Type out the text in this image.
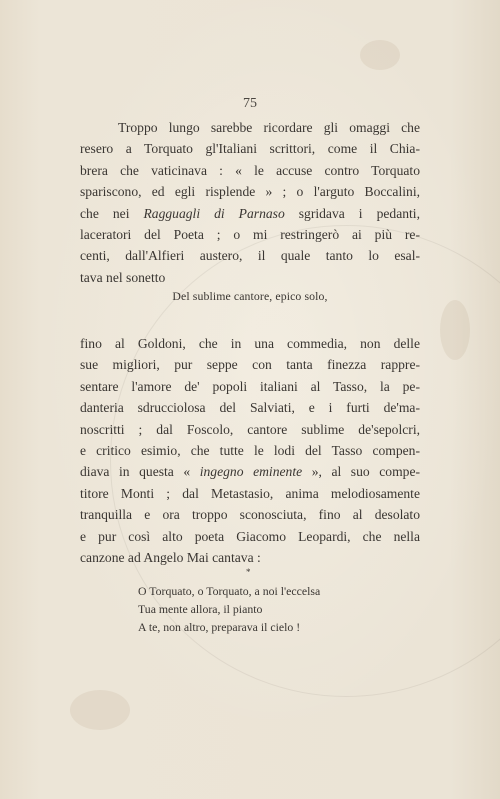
75
Troppo lungo sarebbe ricordare gli omaggi che
resero a Torquato gl'Italiani scrittori, come il Chia-
brera che vaticinava : « le accuse contro Torquato
spariscono, ed egli risplende » ; o l'arguto Boccalini,
che nei Ragguagli di Parnaso sgridava i pedanti,
laceratori del Poeta ; o mi restringerò ai più re-
centi, dall'Alfieri austero, il quale tanto lo esal-
tava nel sonetto
Del sublime cantore, epico solo,
fino al Goldoni, che in una commedia, non delle
sue migliori, pur seppe con tanta finezza rappre-
sentare l'amore de' popoli italiani al Tasso, la pe-
danteria sdrucciolosa del Salviati, e i furti de'ma-
noscritti ; dal Foscolo, cantore sublime de'sepolcri,
e critico esimio, che tutte le lodi del Tasso compen-
diava in questa « ingegno eminente », al suo compe-
titore Monti ; dal Metastasio, anima melodiosamente
tranquilla e ora troppo sconosciuta, fino al desolato
e pur così alto poeta Giacomo Leopardi, che nella
canzone ad Angelo Mai cantava :
*
O Torquato, o Torquato, a noi l'eccelsa
Tua mente allora, il pianto
A te, non altro, preparava il cielo !
